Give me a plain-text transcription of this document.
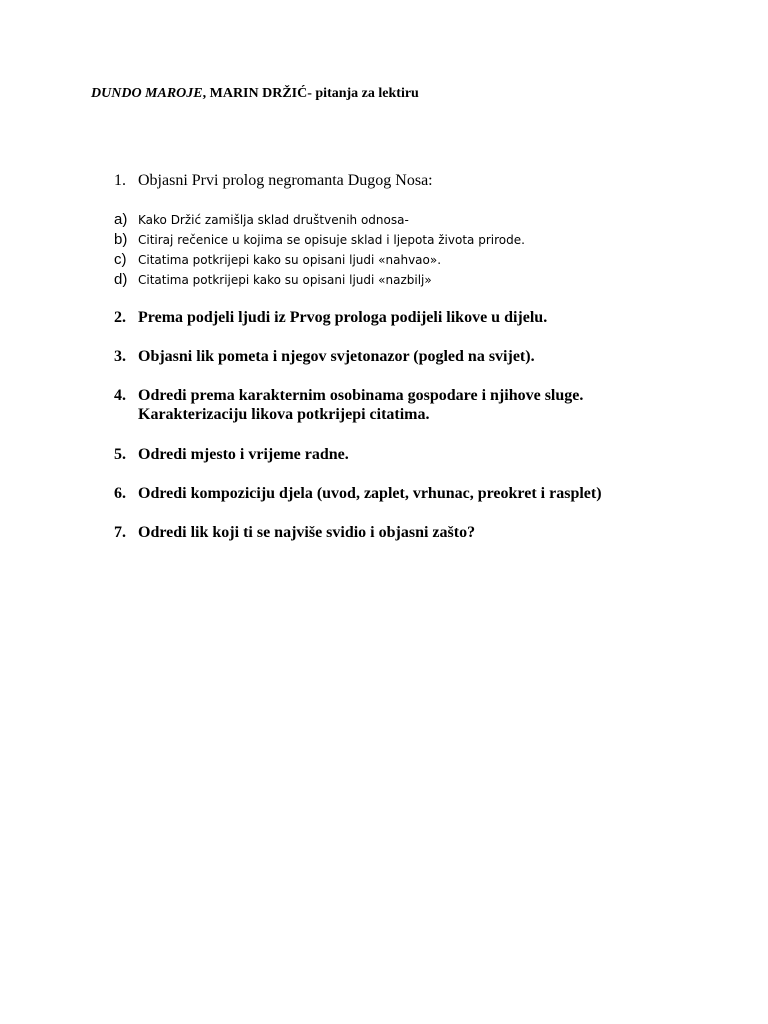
DUNDO MAROJE, MARIN DRŽIĆ- pitanja za lektiru
1. Objasni Prvi prolog negromanta Dugog Nosa:
a) Kako Držić zamišlja sklad društvenih odnosa-
b) Citiraj rečenice u kojima se opisuje sklad i ljepota života prirode.
c) Citatima potkrijepi kako su opisani ljudi «nahvao».
d) Citatima potkrijepi kako su opisani ljudi «nazbilj»
2. Prema podjeli ljudi iz Prvog prologa podijeli likove u dijelu.
3. Objasni lik pometa i njegov svjetonazor (pogled na svijet).
4. Odredi prema karakternim osobinama gospodare i njihove sluge.
Karakterizaciju likova potkrijepi citatima.
5. Odredi mjesto i vrijeme radne.
6. Odredi kompoziciju djela (uvod, zaplet, vrhunac, preokret i rasplet)
7. Odredi lik koji ti se najviše svidio i objasni zašto?
